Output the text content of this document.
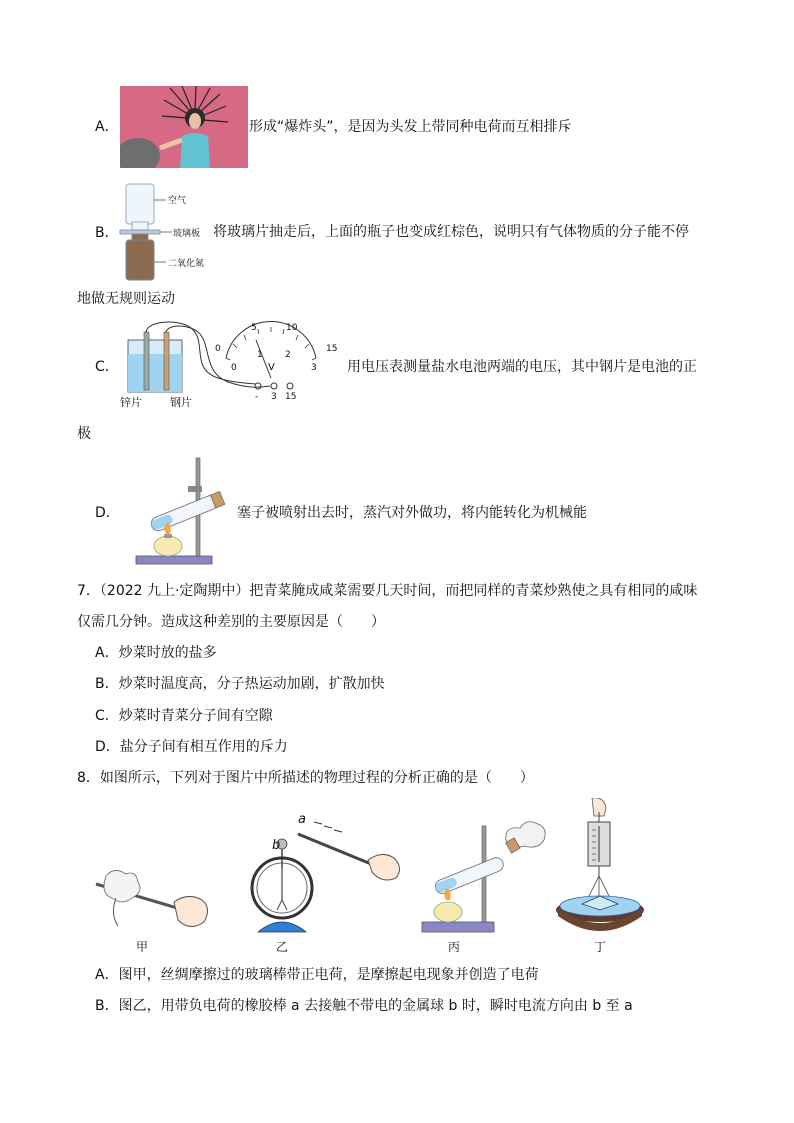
A．	形成“爆炸头”，是因为头发上带同种电荷而互相排斥
B．
空气
玻璃板
二氧化氮
将玻璃片抽走后，上面的瓶子也变成红棕色，说明只有气体物质的分子能不停
地做无规则运动
C．
0
5	10
15
0
1 2
3
V
- 3 15
锌片	钢片
用电压表测量盐水电池两端的电压，其中钢片是电池的正
极
D．	塞子被喷射出去时，蒸汽对外做功，将内能转化为机械能
7．（2022 九上·定陶期中）把青菜腌成咸菜需要几天时间，而把同样的青菜炒熟使之具有相同的咸味
仅需几分钟。造成这种差别的主要原因是（　　）
A．炒菜时放的盐多
B．炒菜时温度高，分子热运动加剧，扩散加快
C．炒菜时青菜分子间有空隙
D．盐分子间有相互作用的斥力
8．如图所示，下列对于图片中所描述的物理过程的分析正确的是（　　）
甲
b
乙
a
丙	丁
A．图甲，丝绸摩擦过的玻璃棒带正电荷，是摩擦起电现象并创造了电荷
B．图乙，用带负电荷的橡胶棒 a 去接触不带电的金属球 b 时，瞬时电流方向由 b 至 a
